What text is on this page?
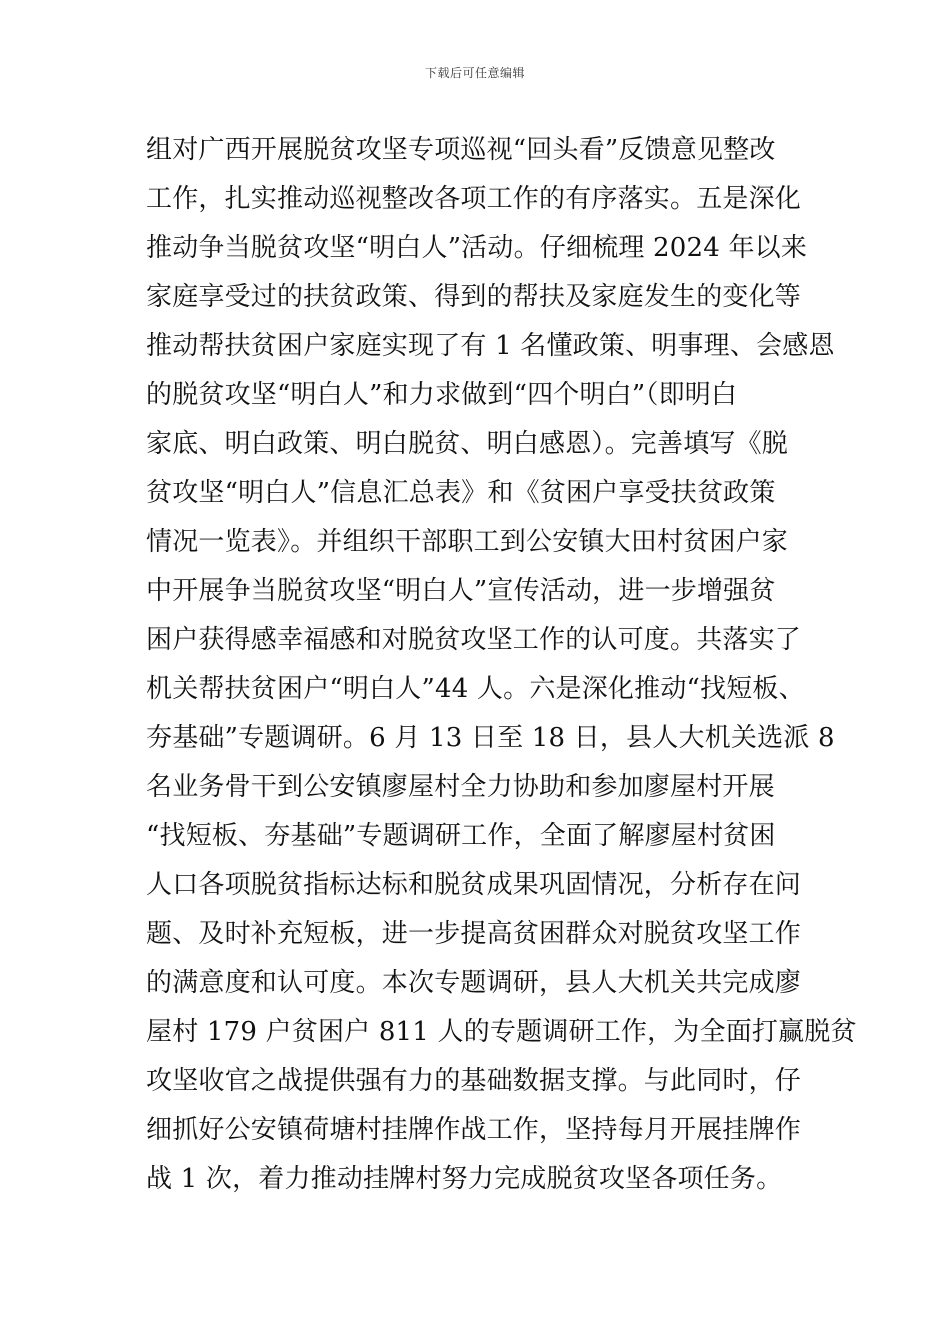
下载后可任意编辑
组对广西开展脱贫攻坚专项巡视“回头看”反馈意见整改
工作，扎实推动巡视整改各项工作的有序落实。五是深化
推动争当脱贫攻坚“明白人”活动。仔细梳理 2024 年以来
家庭享受过的扶贫政策、得到的帮扶及家庭发生的变化等
推动帮扶贫困户家庭实现了有 1 名懂政策、明事理、会感恩
的脱贫攻坚“明白人”和力求做到“四个明白”（即明白
家底、明白政策、明白脱贫、明白感恩）。完善填写《脱
贫攻坚“明白人”信息汇总表》和《贫困户享受扶贫政策
情况一览表》。并组织干部职工到公安镇大田村贫困户家
中开展争当脱贫攻坚“明白人”宣传活动，进一步增强贫
困户获得感幸福感和对脱贫攻坚工作的认可度。共落实了
机关帮扶贫困户“明白人”44 人。六是深化推动“找短板、
夯基础”专题调研。6 月 13 日至 18 日，县人大机关选派 8
名业务骨干到公安镇廖屋村全力协助和参加廖屋村开展
“找短板、夯基础”专题调研工作，全面了解廖屋村贫困
人口各项脱贫指标达标和脱贫成果巩固情况，分析存在问
题、及时补充短板，进一步提高贫困群众对脱贫攻坚工作
的满意度和认可度。本次专题调研，县人大机关共完成廖
屋村 179 户贫困户 811 人的专题调研工作，为全面打赢脱贫
攻坚收官之战提供强有力的基础数据支撑。与此同时，仔
细抓好公安镇荷塘村挂牌作战工作，坚持每月开展挂牌作
战 1 次，着力推动挂牌村努力完成脱贫攻坚各项任务。
